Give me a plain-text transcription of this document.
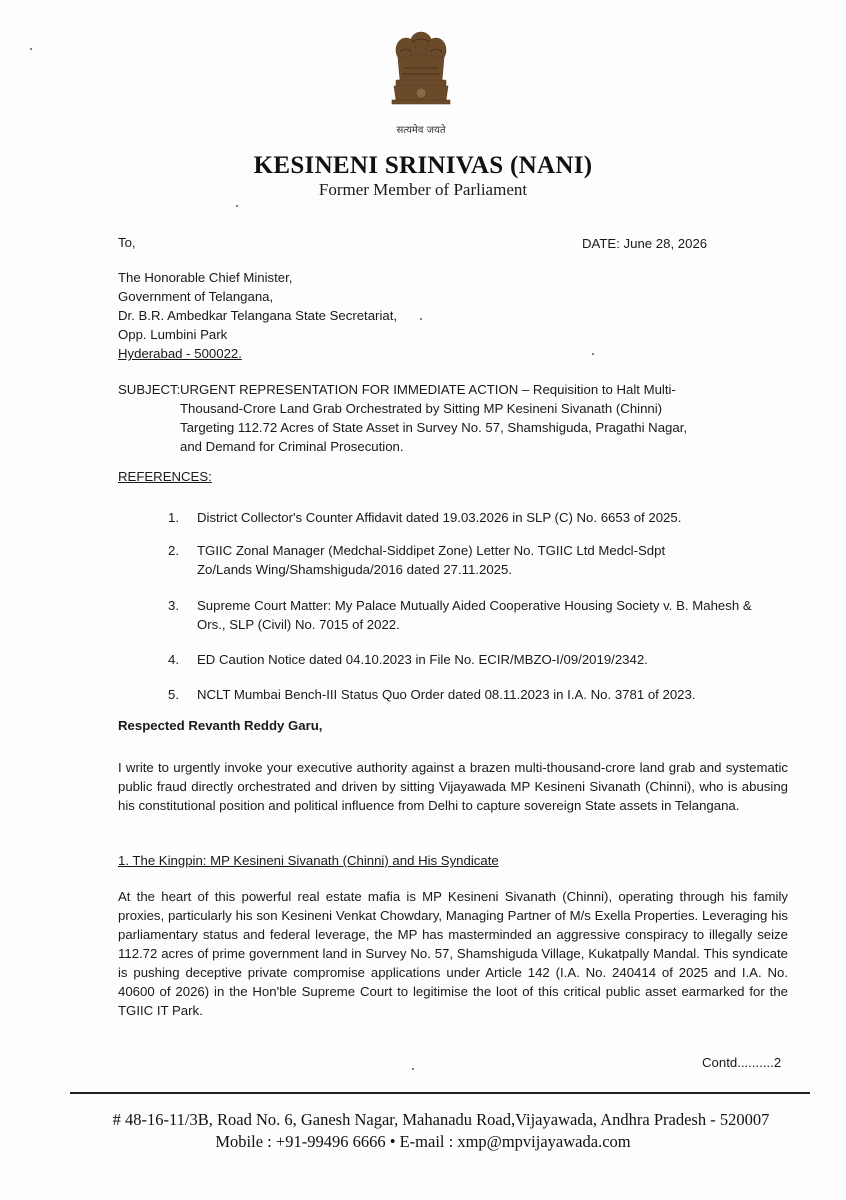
सत्यमेव जयते
KESINENI SRINIVAS (NANI)
Former Member of Parliament
To,	DATE: June 28, 2026
The Honorable Chief Minister,
Government of Telangana,
Dr. B.R. Ambedkar Telangana State Secretariat,
Opp. Lumbini Park
Hyderabad - 500022.
SUBJECT: URGENT REPRESENTATION FOR IMMEDIATE ACTION – Requisition to Halt Multi-
Thousand-Crore Land Grab Orchestrated by Sitting MP Kesineni Sivanath (Chinni)
Targeting 112.72 Acres of State Asset in Survey No. 57, Shamshiguda, Pragathi Nagar,
and Demand for Criminal Prosecution.
REFERENCES:
1. District Collector's Counter Affidavit dated 19.03.2026 in SLP (C) No. 6653 of 2025.
2. TGIIC Zonal Manager (Medchal-Siddipet Zone) Letter No. TGIIC Ltd Medcl-Sdpt
Zo/Lands Wing/Shamshiguda/2016 dated 27.11.2025.
3. Supreme Court Matter: My Palace Mutually Aided Cooperative Housing Society v. B. Mahesh &
Ors., SLP (Civil) No. 7015 of 2022.
4. ED Caution Notice dated 04.10.2023 in File No. ECIR/MBZO-I/09/2019/2342.
5. NCLT Mumbai Bench-III Status Quo Order dated 08.11.2023 in I.A. No. 3781 of 2023.
Respected Revanth Reddy Garu,
I write to urgently invoke your executive authority against a brazen multi-thousand-crore land grab and systematic public fraud directly orchestrated and driven by sitting Vijayawada MP Kesineni Sivanath (Chinni), who is abusing his constitutional position and political influence from Delhi to capture sovereign State assets in Telangana.
1. The Kingpin: MP Kesineni Sivanath (Chinni) and His Syndicate
At the heart of this powerful real estate mafia is MP Kesineni Sivanath (Chinni), operating through his family proxies, particularly his son Kesineni Venkat Chowdary, Managing Partner of M/s Exella Properties. Leveraging his parliamentary status and federal leverage, the MP has masterminded an aggressive conspiracy to illegally seize 112.72 acres of prime government land in Survey No. 57, Shamshiguda Village, Kukatpally Mandal. This syndicate is pushing deceptive private compromise applications under Article 142 (I.A. No. 240414 of 2025 and I.A. No. 40600 of 2026) in the Hon'ble Supreme Court to legitimise the loot of this critical public asset earmarked for the TGIIC IT Park.
Contd..........2
# 48-16-11/3B, Road No. 6, Ganesh Nagar, Mahanadu Road,Vijayawada, Andhra Pradesh - 520007
Mobile : +91-99496 6666 • E-mail : xmp@mpvijayawada.com
